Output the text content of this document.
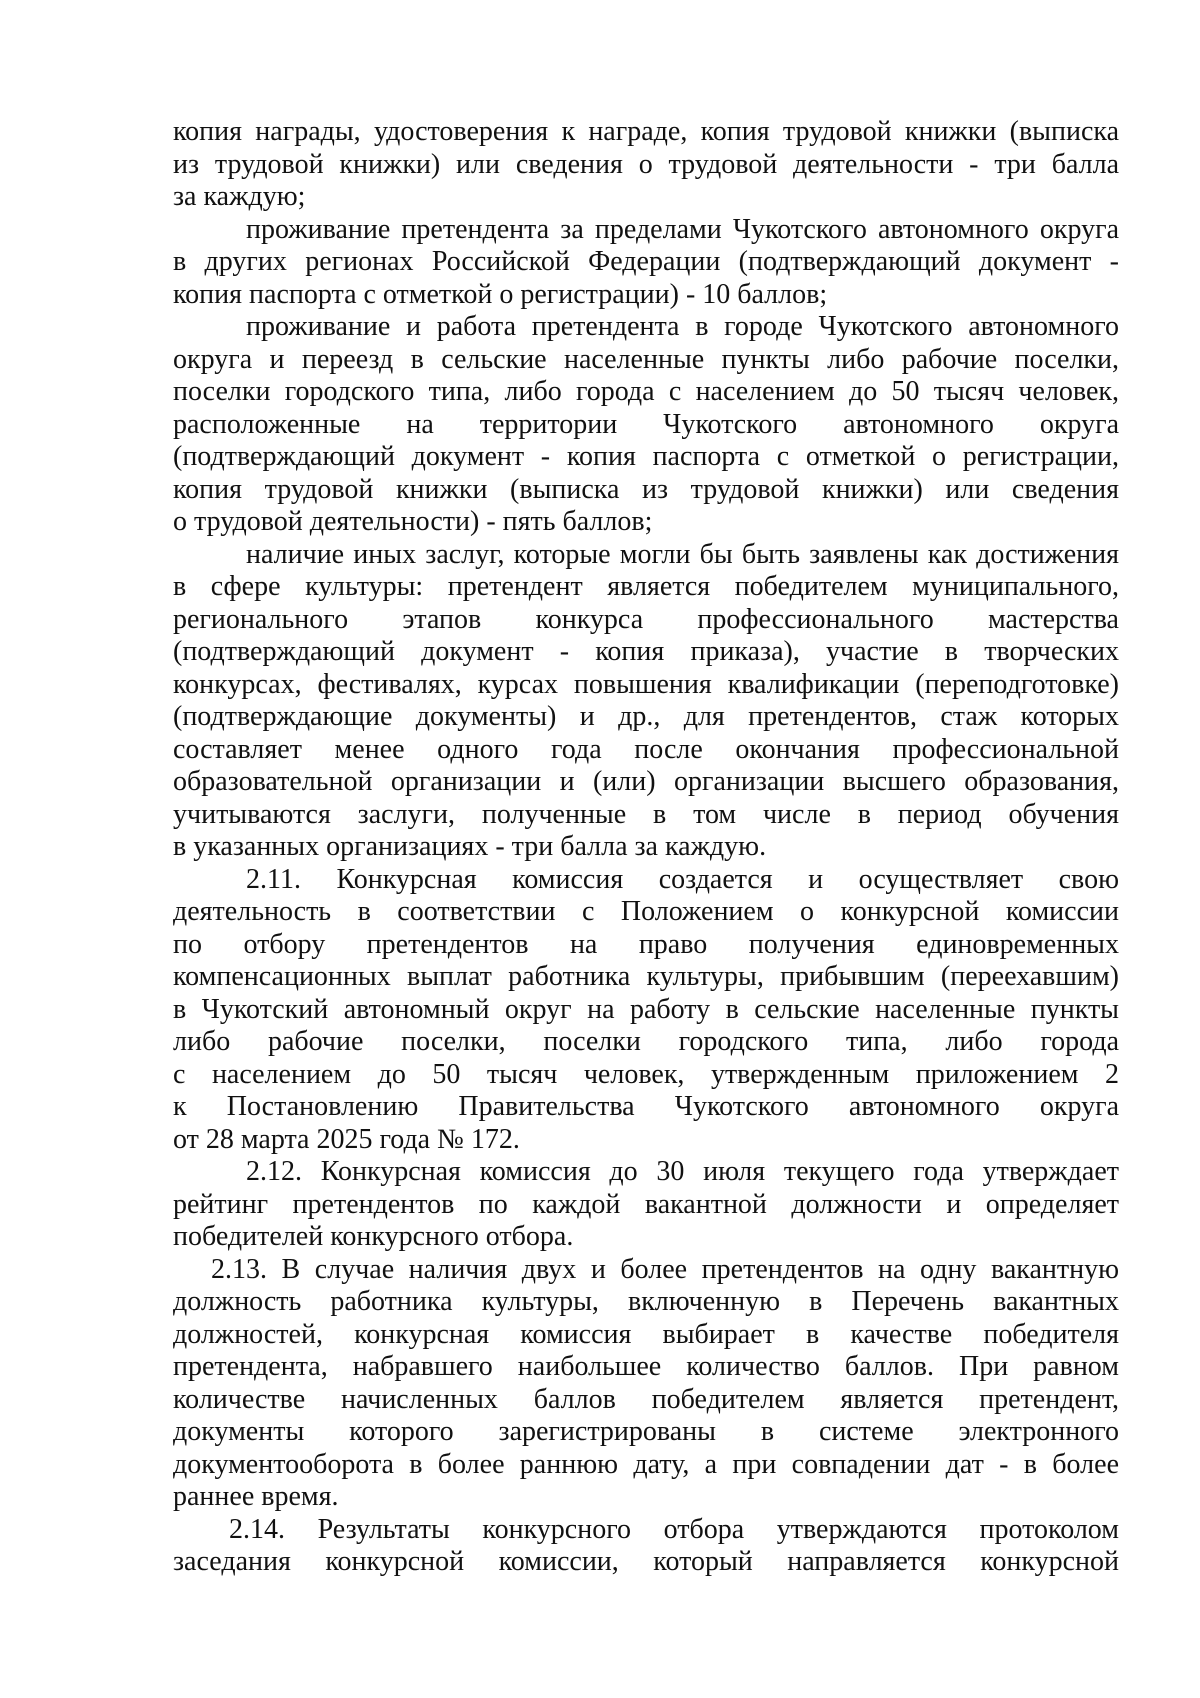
копия награды, удостоверения к награде, копия трудовой книжки (выписка
из трудовой книжки) или сведения о трудовой деятельности - три балла
за каждую;
проживание претендента за пределами Чукотского автономного округа
в других регионах Российской Федерации (подтверждающий документ -
копия паспорта с отметкой о регистрации) - 10 баллов;
проживание и работа претендента в городе Чукотского автономного
округа и переезд в сельские населенные пункты либо рабочие поселки,
поселки городского типа, либо города с населением до 50 тысяч человек,
расположенные на территории Чукотского автономного округа
(подтверждающий документ - копия паспорта с отметкой о регистрации,
копия трудовой книжки (выписка из трудовой книжки) или сведения
о трудовой деятельности) - пять баллов;
наличие иных заслуг, которые могли бы быть заявлены как достижения
в сфере культуры: претендент является победителем муниципального,
регионального этапов конкурса профессионального мастерства
(подтверждающий документ - копия приказа), участие в творческих
конкурсах, фестивалях, курсах повышения квалификации (переподготовке)
(подтверждающие документы) и др., для претендентов, стаж которых
составляет менее одного года после окончания профессиональной
образовательной организации и (или) организации высшего образования,
учитываются заслуги, полученные в том числе в период обучения
в указанных организациях - три балла за каждую.
2.11. Конкурсная комиссия создается и осуществляет свою
деятельность в соответствии с Положением о конкурсной комиссии
по отбору претендентов на право получения единовременных
компенсационных выплат работника культуры, прибывшим (переехавшим)
в Чукотский автономный округ на работу в сельские населенные пункты
либо рабочие поселки, поселки городского типа, либо города
с населением до 50 тысяч человек, утвержденным приложением 2
к Постановлению Правительства Чукотского автономного округа
от 28 марта 2025 года № 172.
2.12. Конкурсная комиссия до 30 июля текущего года утверждает
рейтинг претендентов по каждой вакантной должности и определяет
победителей конкурсного отбора.
2.13. В случае наличия двух и более претендентов на одну вакантную
должность работника культуры, включенную в Перечень вакантных
должностей, конкурсная комиссия выбирает в качестве победителя
претендента, набравшего наибольшее количество баллов. При равном
количестве начисленных баллов победителем является претендент,
документы которого зарегистрированы в системе электронного
документооборота в более раннюю дату, а при совпадении дат - в более
раннее время.
2.14. Результаты конкурсного отбора утверждаются протоколом
заседания конкурсной комиссии, который направляется конкурсной
